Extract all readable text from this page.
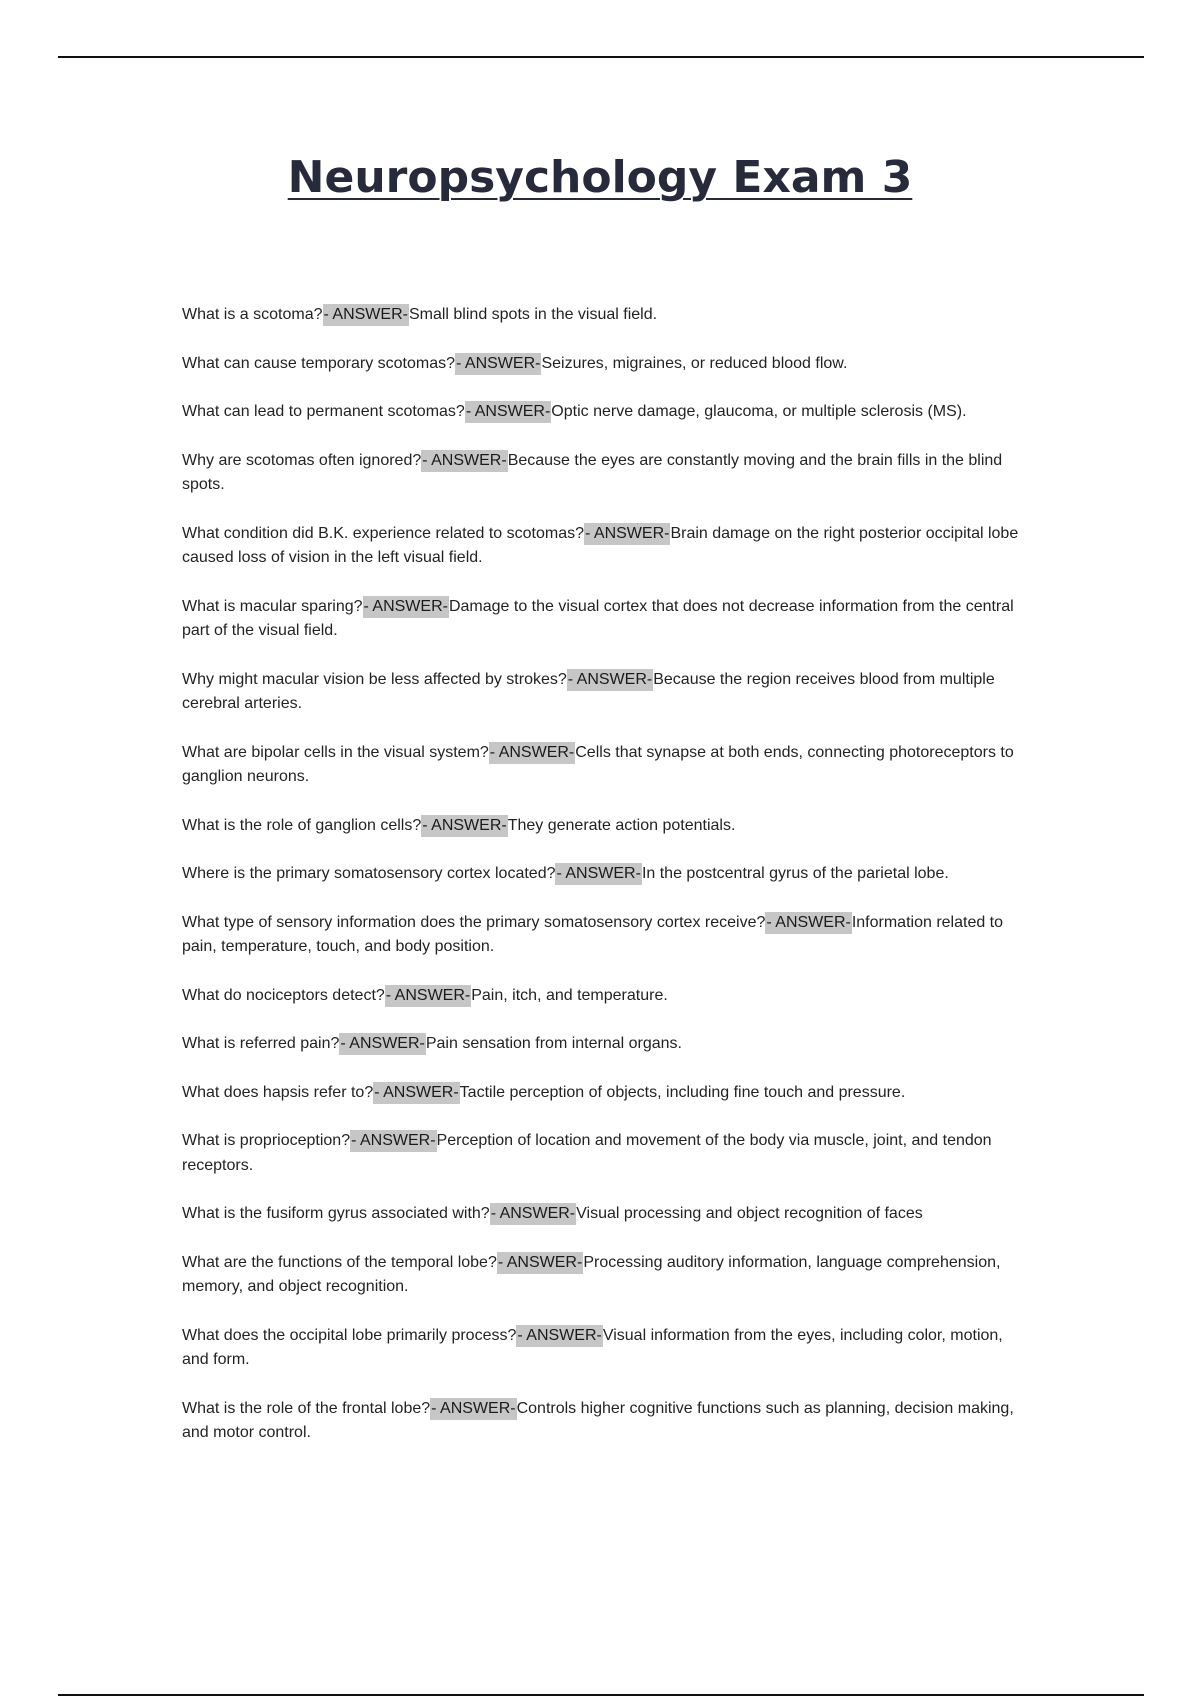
Neuropsychology Exam 3
What is a scotoma?- ANSWER-Small blind spots in the visual field.
What can cause temporary scotomas?- ANSWER-Seizures, migraines, or reduced blood flow.
What can lead to permanent scotomas?- ANSWER-Optic nerve damage, glaucoma, or multiple sclerosis (MS).
Why are scotomas often ignored?- ANSWER-Because the eyes are constantly moving and the brain fills in the blind spots.
What condition did B.K. experience related to scotomas?- ANSWER-Brain damage on the right posterior occipital lobe caused loss of vision in the left visual field.
What is macular sparing?- ANSWER-Damage to the visual cortex that does not decrease information from the central part of the visual field.
Why might macular vision be less affected by strokes?- ANSWER-Because the region receives blood from multiple cerebral arteries.
What are bipolar cells in the visual system?- ANSWER-Cells that synapse at both ends, connecting photoreceptors to ganglion neurons.
What is the role of ganglion cells?- ANSWER-They generate action potentials.
Where is the primary somatosensory cortex located?- ANSWER-In the postcentral gyrus of the parietal lobe.
What type of sensory information does the primary somatosensory cortex receive?- ANSWER-Information related to pain, temperature, touch, and body position.
What do nociceptors detect?- ANSWER-Pain, itch, and temperature.
What is referred pain?- ANSWER-Pain sensation from internal organs.
What does hapsis refer to?- ANSWER-Tactile perception of objects, including fine touch and pressure.
What is proprioception?- ANSWER-Perception of location and movement of the body via muscle, joint, and tendon receptors.
What is the fusiform gyrus associated with?- ANSWER-Visual processing and object recognition of faces
What are the functions of the temporal lobe?- ANSWER-Processing auditory information, language comprehension, memory, and object recognition.
What does the occipital lobe primarily process?- ANSWER-Visual information from the eyes, including color, motion, and form.
What is the role of the frontal lobe?- ANSWER-Controls higher cognitive functions such as planning, decision making, and motor control.
